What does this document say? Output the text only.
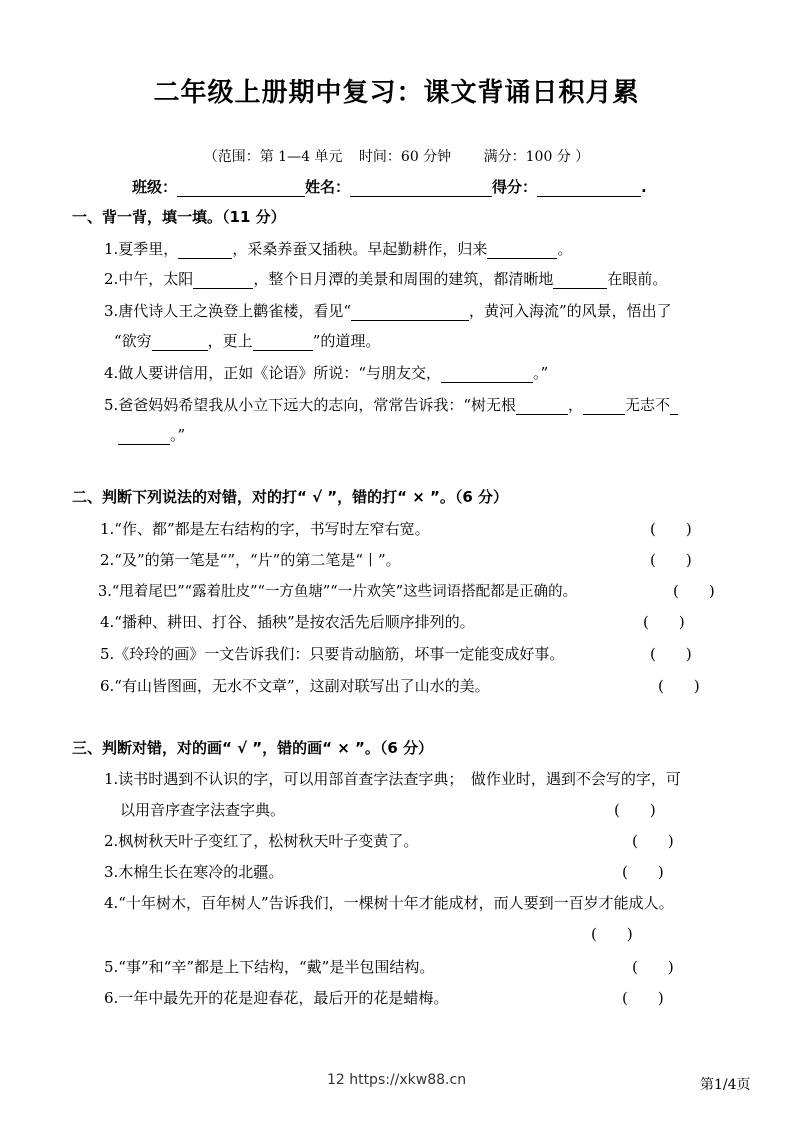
二年级上册期中复习：课文背诵日积月累
（范围：第 1—4 单元 时间：60 分钟 满分：100 分 ）
班级：	姓名：	得分：	.
一、背一背，填一填。（11 分）
1.夏季里，	，采桑养蚕又插秧。早起勤耕作，归来	。
2.中午，太阳	，整个日月潭的美景和周围的建筑，都清晰地	在眼前。
3.唐代诗人王之涣登上鹳雀楼，看见“	，黄河入海流”的风景，悟出了
“欲穷	，更上	”的道理。
4.做人要讲信用，正如《论语》所说：“与朋友交，	。”
5.爸爸妈妈希望我从小立下远大的志向，常常告诉我：“树无根	，	无志不
。”
二、判断下列说法的对错，对的打“ √ ”，错的打“ × ”。（6 分）
1.“作、都”都是左右结构的字，书写时左窄右宽。	(　　)
2.“及”的第一笔是“”，“片”的第二笔是“丨”。	(　　)
3.“甩着尾巴”“露着肚皮”“一方鱼塘”“一片欢笑”这些词语搭配都是正确的。	(　　)
4.“播种、耕田、打谷、插秧”是按农活先后顺序排列的。	(　　)
5.《玲玲的画》一文告诉我们：只要肯动脑筋，坏事一定能变成好事。	(　　)
6.“有山皆图画，无水不文章”，这副对联写出了山水的美。	(　　)
三、判断对错，对的画“ √ ”，错的画“ × ”。（6 分）
1.读书时遇到不认识的字，可以用部首查字法查字典；　做作业时，遇到不会写的字，可
以用音序查字法查字典。	(　　)
2.枫树秋天叶子变红了，松树秋天叶子变黄了。	(　　)
3.木棉生长在寒冷的北疆。	(　　)
4.“十年树木，百年树人”告诉我们，一棵树十年才能成材，而人要到一百岁才能成人。
(　　)
5.“事”和“辛”都是上下结构，“戴”是半包围结构。	(　　)
6.一年中最先开的花是迎春花，最后开的花是蜡梅。	(　　)
12 https://xkw88.cn	第1/4页
